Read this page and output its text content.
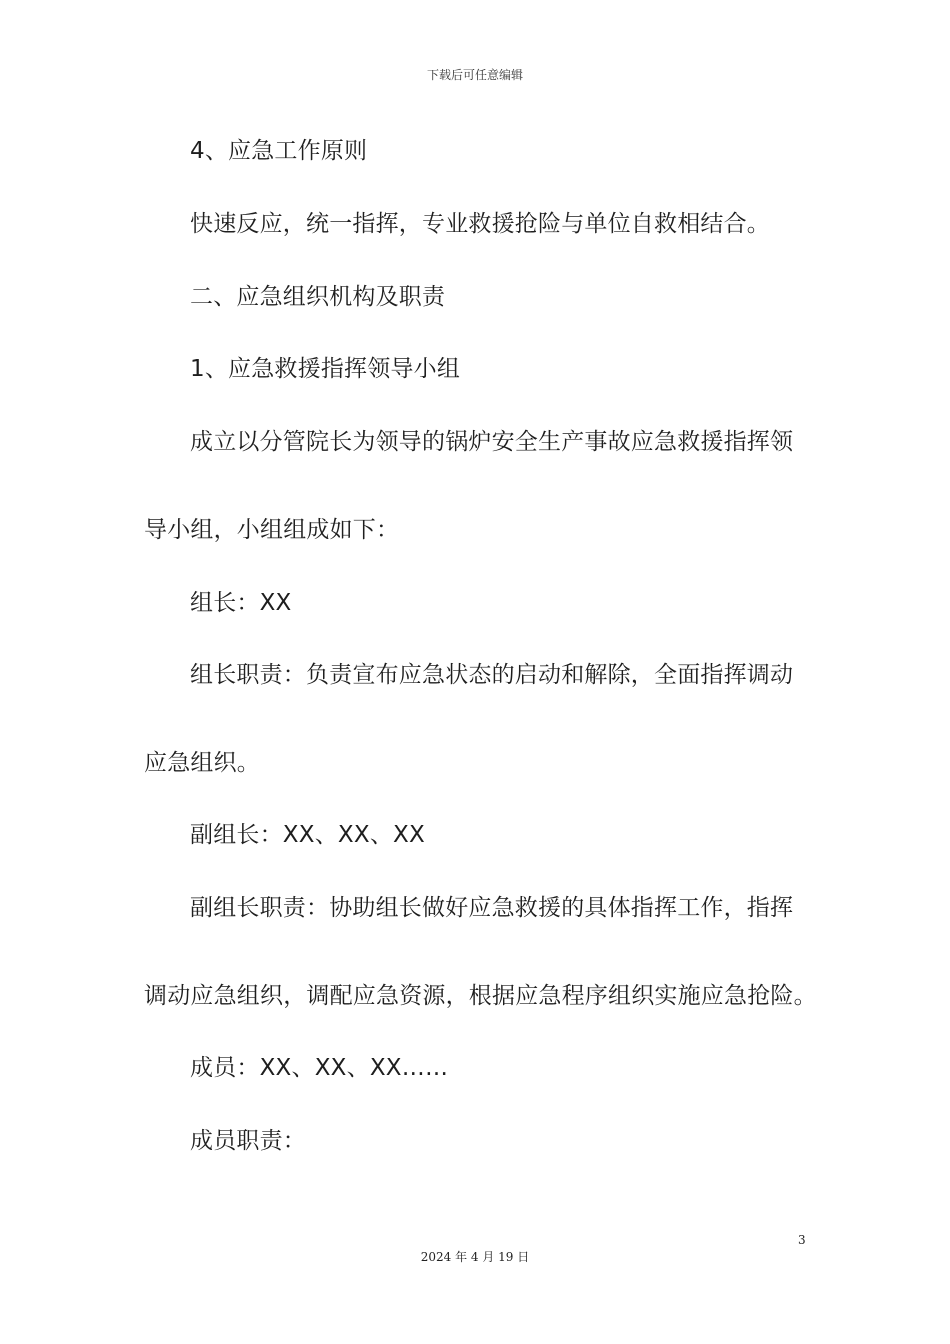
下载后可任意编辑
4、应急工作原则
快速反应，统一指挥，专业救援抢险与单位自救相结合。
二、应急组织机构及职责
1、应急救援指挥领导小组
成立以分管院长为领导的锅炉安全生产事故应急救援指挥领
导小组，小组组成如下：
组长：XX
组长职责：负责宣布应急状态的启动和解除，全面指挥调动
应急组织。
副组长：XX、XX、XX
副组长职责：协助组长做好应急救援的具体指挥工作，指挥
调动应急组织，调配应急资源，根据应急程序组织实施应急抢险。
成员：XX、XX、XX……
成员职责：
3
2024 年 4 月 19 日
